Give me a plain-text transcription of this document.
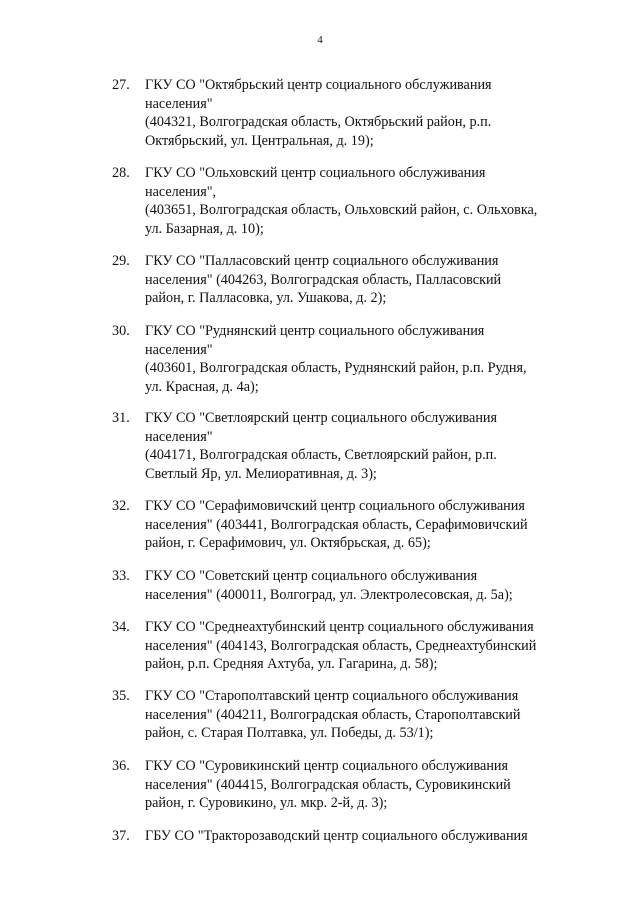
4
27.	ГКУ СО "Октябрьский центр социального обслуживания
населения"
(404321, Волгоградская область, Октябрьский район, р.п.
Октябрьский, ул. Центральная, д. 19);
28.	ГКУ СО "Ольховский центр социального обслуживания
населения",
(403651, Волгоградская область, Ольховский район, с. Ольховка,
ул. Базарная, д. 10);
29.	ГКУ СО "Палласовский центр социального обслуживания
населения" (404263, Волгоградская область, Палласовский
район, г. Палласовка, ул. Ушакова, д. 2);
30.	ГКУ СО "Руднянский центр социального обслуживания
населения"
(403601, Волгоградская область, Руднянский район, р.п. Рудня,
ул. Красная, д. 4а);
31.	ГКУ СО "Светлоярский центр социального обслуживания
населения"
(404171, Волгоградская область, Светлоярский район, р.п.
Светлый Яр, ул. Мелиоративная, д. 3);
32.	ГКУ СО "Серафимовичский центр социального обслуживания
населения" (403441, Волгоградская область, Серафимовичский
район, г. Серафимович, ул. Октябрьская, д. 65);
33.	ГКУ СО "Советский центр социального обслуживания
населения" (400011, Волгоград, ул. Электролесовская, д. 5а);
34.	ГКУ СО "Среднеахтубинский центр социального обслуживания
населения" (404143, Волгоградская область, Среднеахтубинский
район, р.п. Средняя Ахтуба, ул. Гагарина, д. 58);
35.	ГКУ СО "Старополтавский центр социального обслуживания
населения" (404211, Волгоградская область, Старополтавский
район, с. Старая Полтавка, ул. Победы, д. 53/1);
36.	ГКУ СО "Суровикинский центр социального обслуживания
населения" (404415, Волгоградская область, Суровикинский
район, г. Суровикино, ул. мкр. 2-й, д. 3);
37.	ГБУ СО "Тракторозаводский центр социального обслуживания
